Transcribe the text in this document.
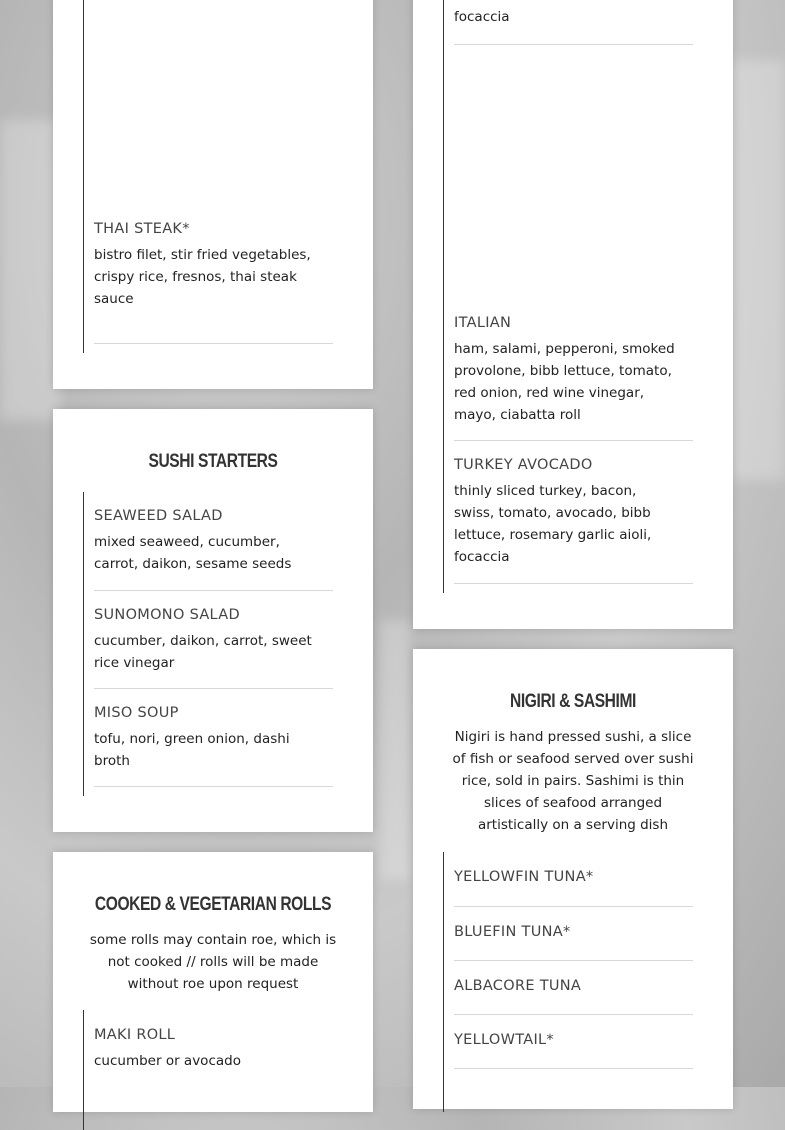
THAI STEAK*
bistro filet, stir fried vegetables, crispy rice, fresnos, thai steak sauce
focaccia
ITALIAN
ham, salami, pepperoni, smoked provolone, bibb lettuce, tomato, red onion, red wine vinegar, mayo, ciabatta roll
TURKEY AVOCADO
thinly sliced turkey, bacon, swiss, tomato, avocado, bibb lettuce, rosemary garlic aioli, focaccia
SUSHI STARTERS
SEAWEED SALAD
mixed seaweed, cucumber, carrot, daikon, sesame seeds
SUNOMONO SALAD
cucumber, daikon, carrot, sweet rice vinegar
MISO SOUP
tofu, nori, green onion, dashi broth
COOKED & VEGETARIAN ROLLS
some rolls may contain roe, which is not cooked // rolls will be made without roe upon request
MAKI ROLL
cucumber or avocado
NIGIRI & SASHIMI
Nigiri is hand pressed sushi, a slice of fish or seafood served over sushi rice, sold in pairs. Sashimi is thin slices of seafood arranged artistically on a serving dish
YELLOWFIN TUNA*
BLUEFIN TUNA*
ALBACORE TUNA
YELLOWTAIL*
